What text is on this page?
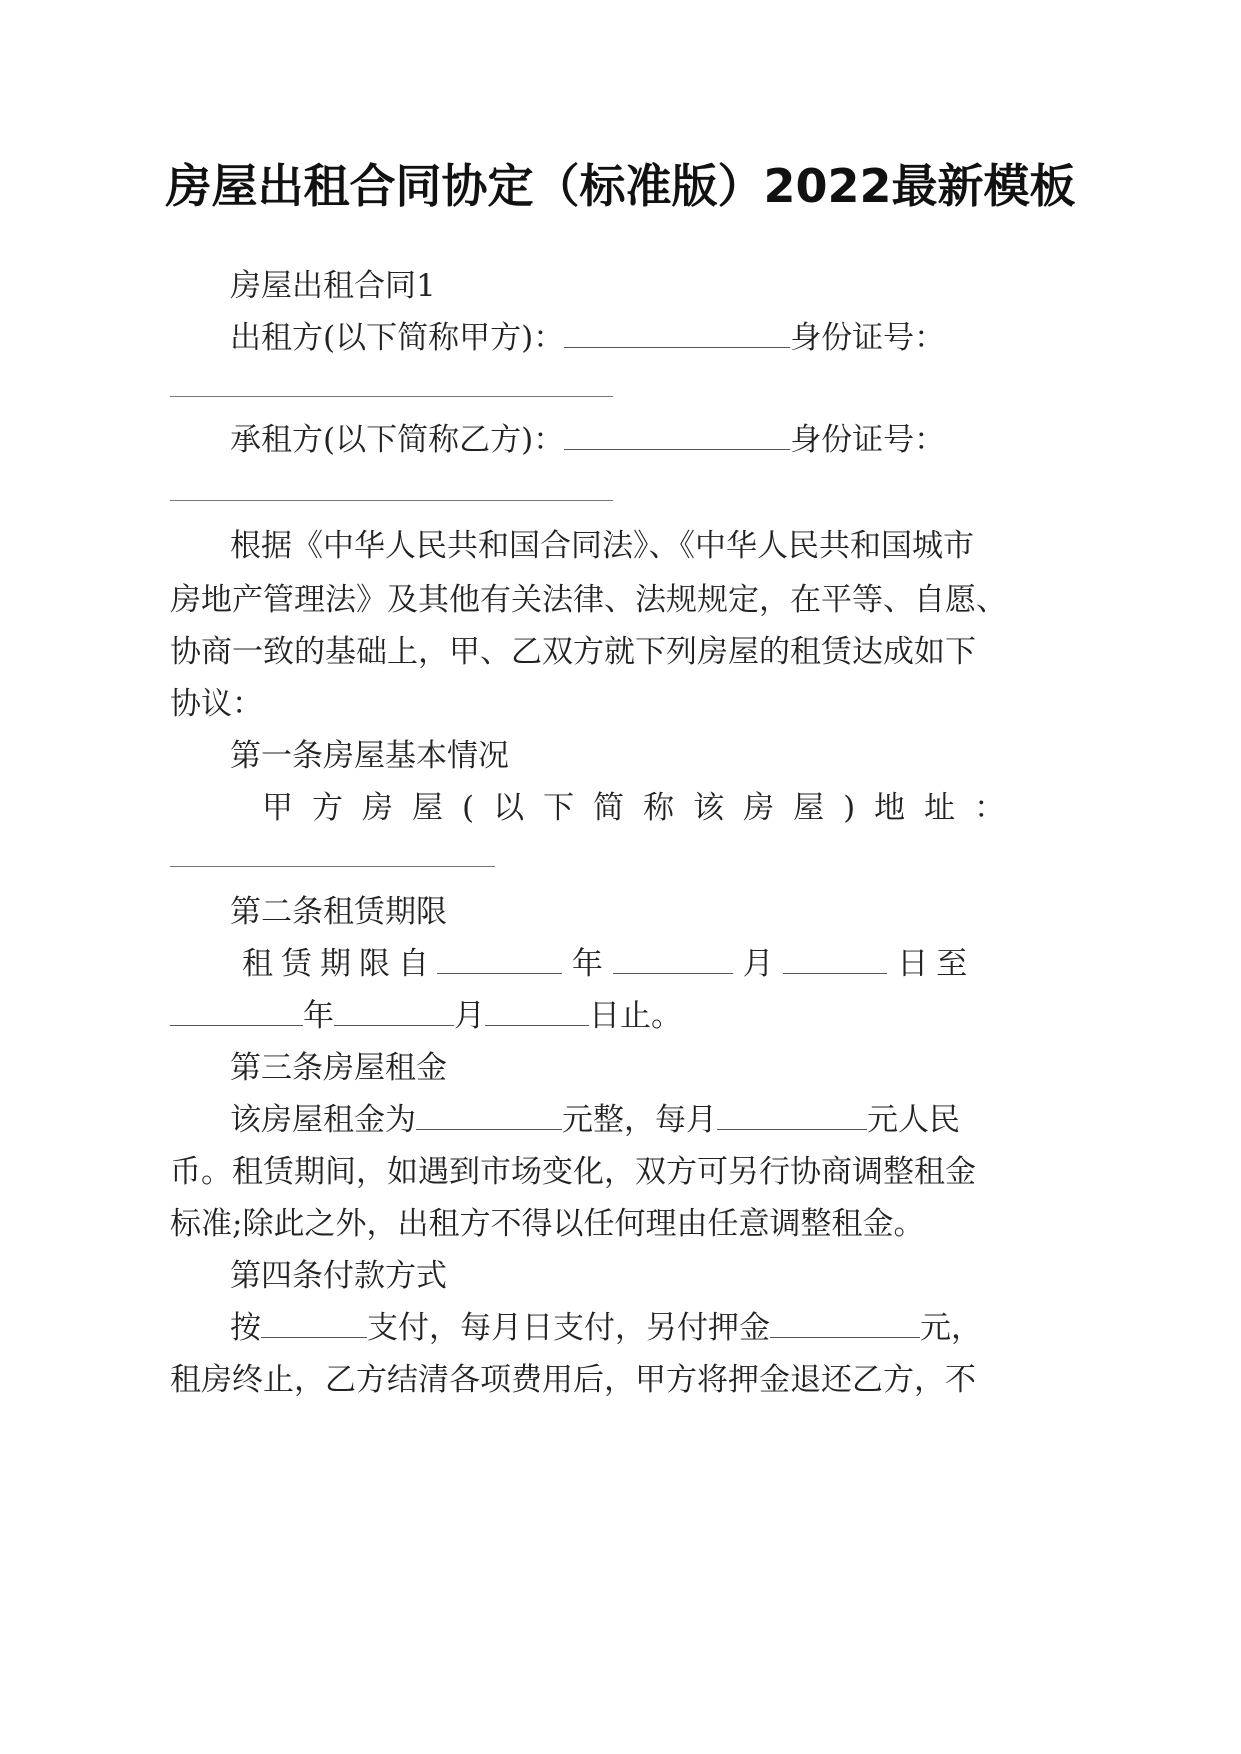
房屋出租合同协定（标准版）2022最新模板
房屋出租合同1
出租方(以下简称甲方)：	身份证号：
承租方(以下简称乙方)：	身份证号：
根据《中华人民共和国合同法》、《中华人民共和国城市
房地产管理法》及其他有关法律、法规规定，在平等、自愿、
协商一致的基础上，甲、乙双方就下列房屋的租赁达成如下
协议：
第一条房屋基本情况
甲方房屋(以下简称该房屋)地址：
第二条租赁期限
租赁期限自	年	月	日至
年	月	日止。
第三条房屋租金
该房屋租金为	元整，每月	元人民
币。租赁期间，如遇到市场变化，双方可另行协商调整租金
标准;除此之外，出租方不得以任何理由任意调整租金。
第四条付款方式
按	支付，每月日支付，另付押金	元，
租房终止，乙方结清各项费用后，甲方将押金退还乙方，不
